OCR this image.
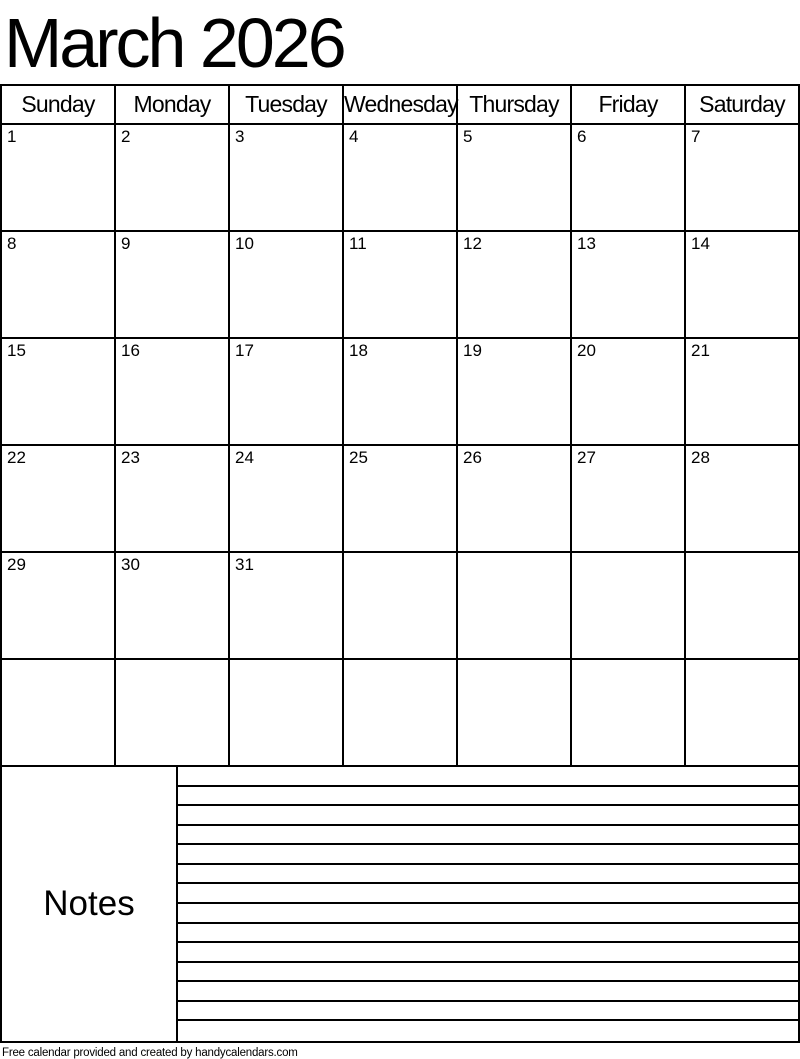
March 2026
Sunday	Monday	Tuesday	Wednesday	Thursday	Friday	Saturday
1	2	3	4	5	6	7
8	9	10	11	12	13	14
15	16	17	18	19	20	21
22	23	24	25	26	27	28
29	30	31				

Notes
Free calendar provided and created by handycalendars.com
